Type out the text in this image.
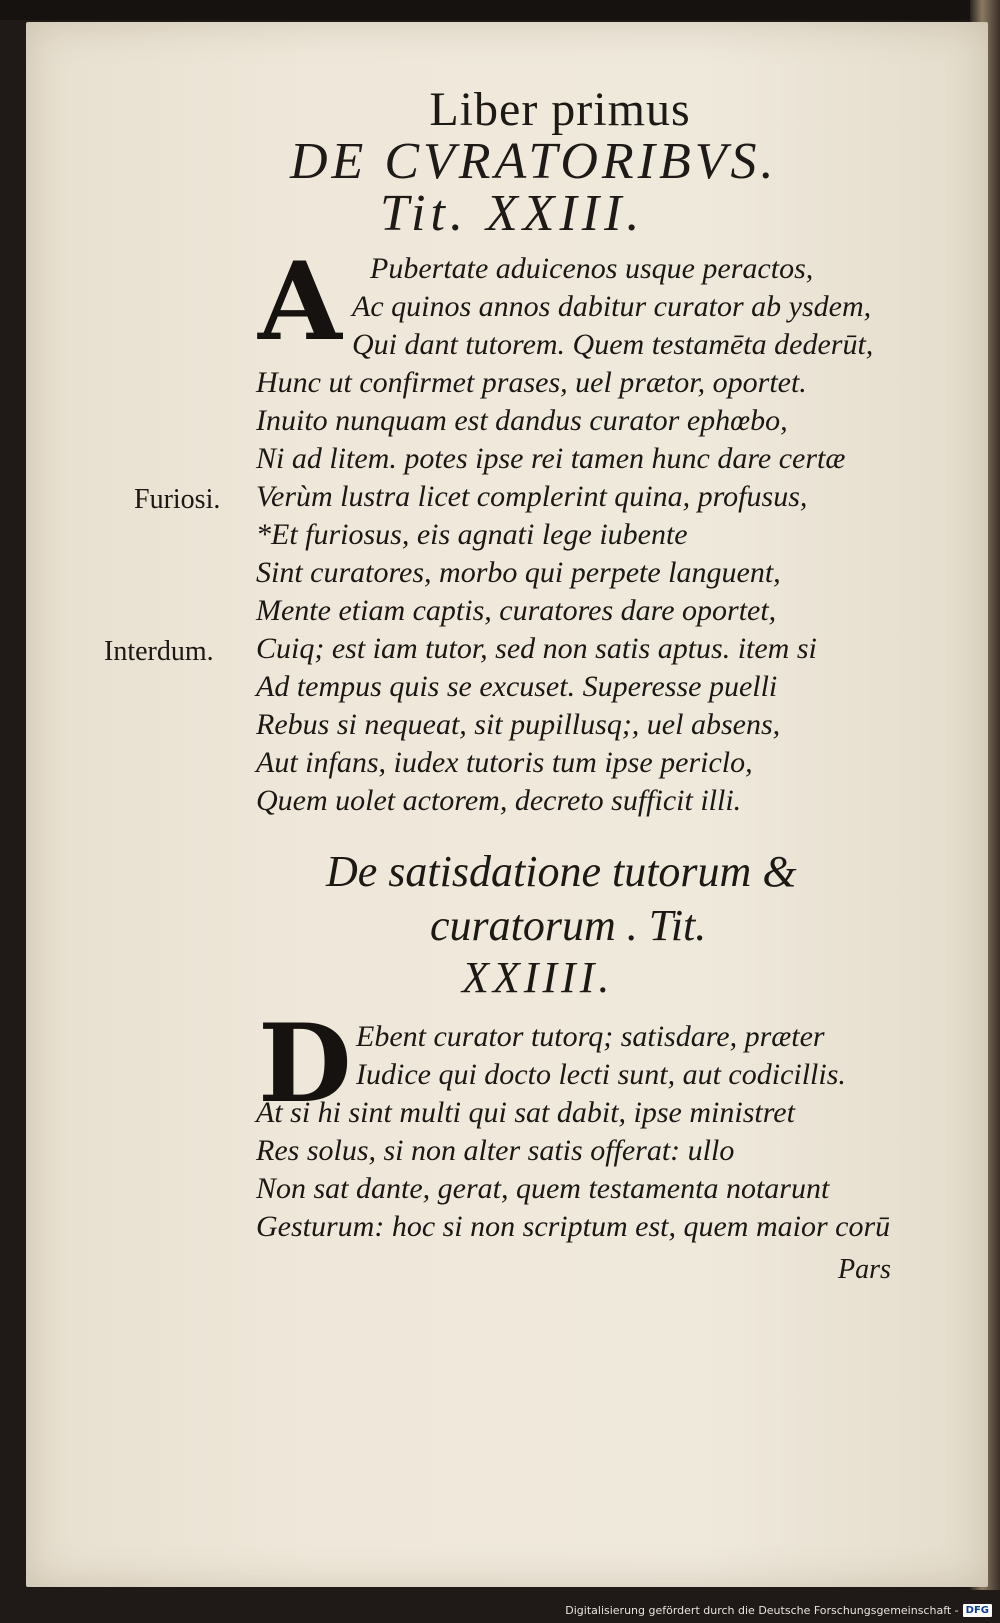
Liber primus
DE CVRATORIBVS.
Tit. XXIII.
A Pubertate aduicenos usque peractos,
Ac quinos annos dabitur curator ab ysdem,
Qui dant tutorem. Quem testamēta dederūt,
Hunc ut confirmet prases, uel prætor, oportet.
Inuito nunquam est dandus curator ephœbo,
Ni ad litem. potes ipse rei tamen hunc dare certæ
Verùm lustra licet complerint quina, profusus,
*Et furiosus, eis agnati lege iubente
Sint curatores, morbo qui perpete languent,
Mente etiam captis, curatores dare oportet,
Cuiq; est iam tutor, sed non satis aptus. item si
Ad tempus quis se excuset. Superesse puelli
Rebus si nequeat, sit pupillusq;, uel absens,
Aut infans, iudex tutoris tum ipse periclo,
Quem uolet actorem, decreto sufficit illi.
Furiosi.
Interdum.
De satisdatione tutorum &
curatorum . Tit.
XXIIII.
D Ebent curator tutorq; satisdare, præter
Iudice qui docto lecti sunt, aut codicillis.
At si hi sint multi qui sat dabit, ipse ministret
Res solus, si non alter satis offerat: ullo
Non sat dante, gerat, quem testamenta notarunt
Gesturum: hoc si non scriptum est, quem maior corū
Pars
Digitalisierung gefördert durch die Deutsche Forschungsgemeinschaft - DFG
